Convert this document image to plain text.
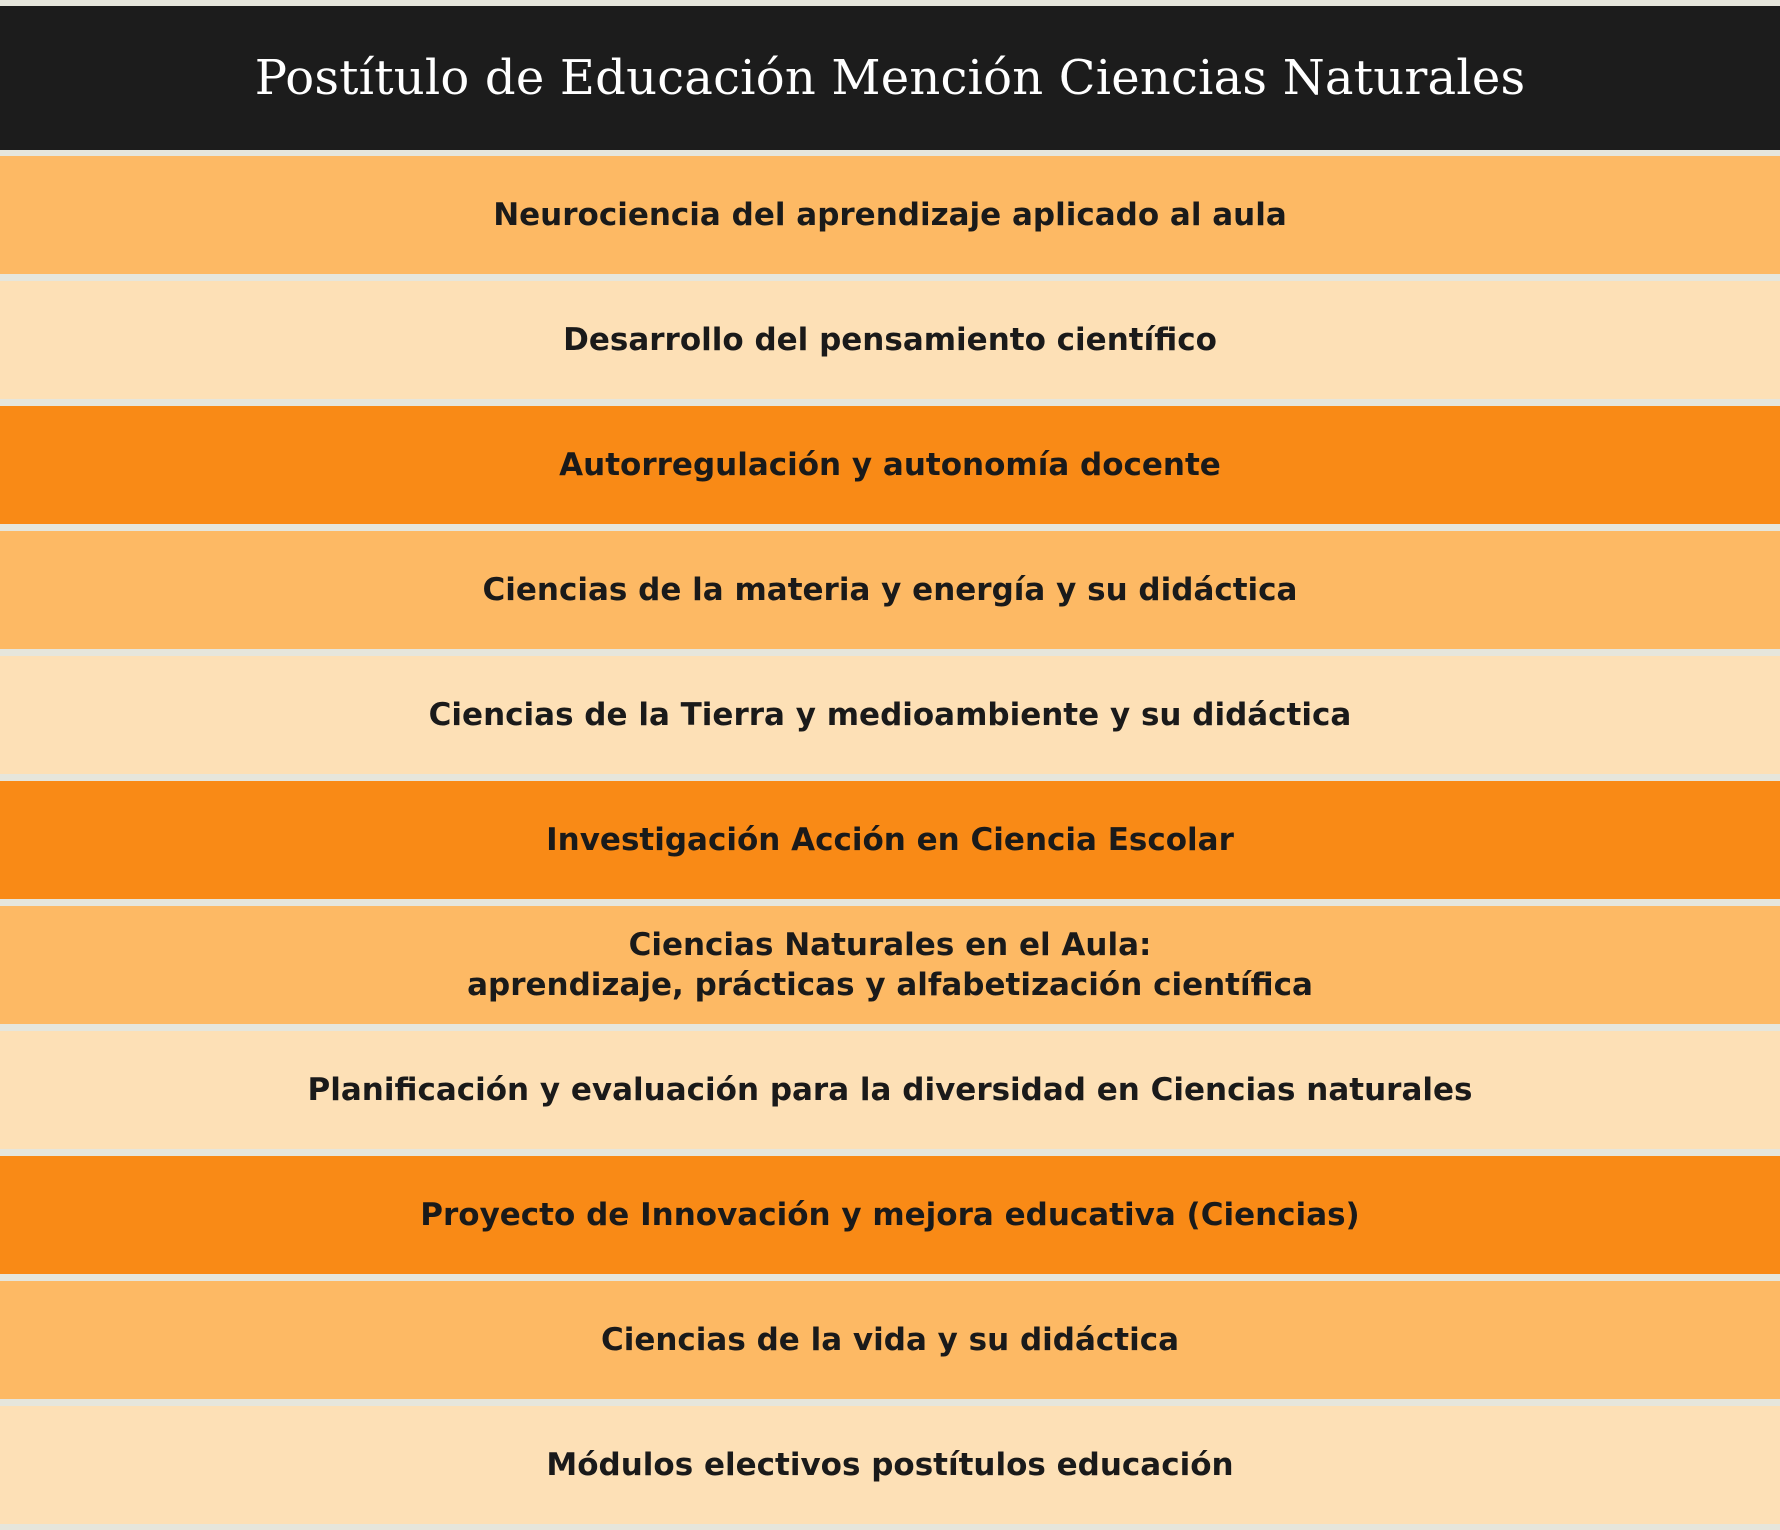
Postítulo de Educación Mención Ciencias Naturales
Neurociencia del aprendizaje aplicado al aula
Desarrollo del pensamiento científico
Autorregulación y autonomía docente
Ciencias de la materia y energía y su didáctica
Ciencias de la Tierra y medioambiente y su didáctica
Investigación Acción en Ciencia Escolar
Ciencias Naturales en el Aula:
aprendizaje, prácticas y alfabetización científica
Planificación y evaluación para la diversidad en Ciencias naturales
Proyecto de Innovación y mejora educativa (Ciencias)
Ciencias de la vida y su didáctica
Módulos electivos postítulos educación
